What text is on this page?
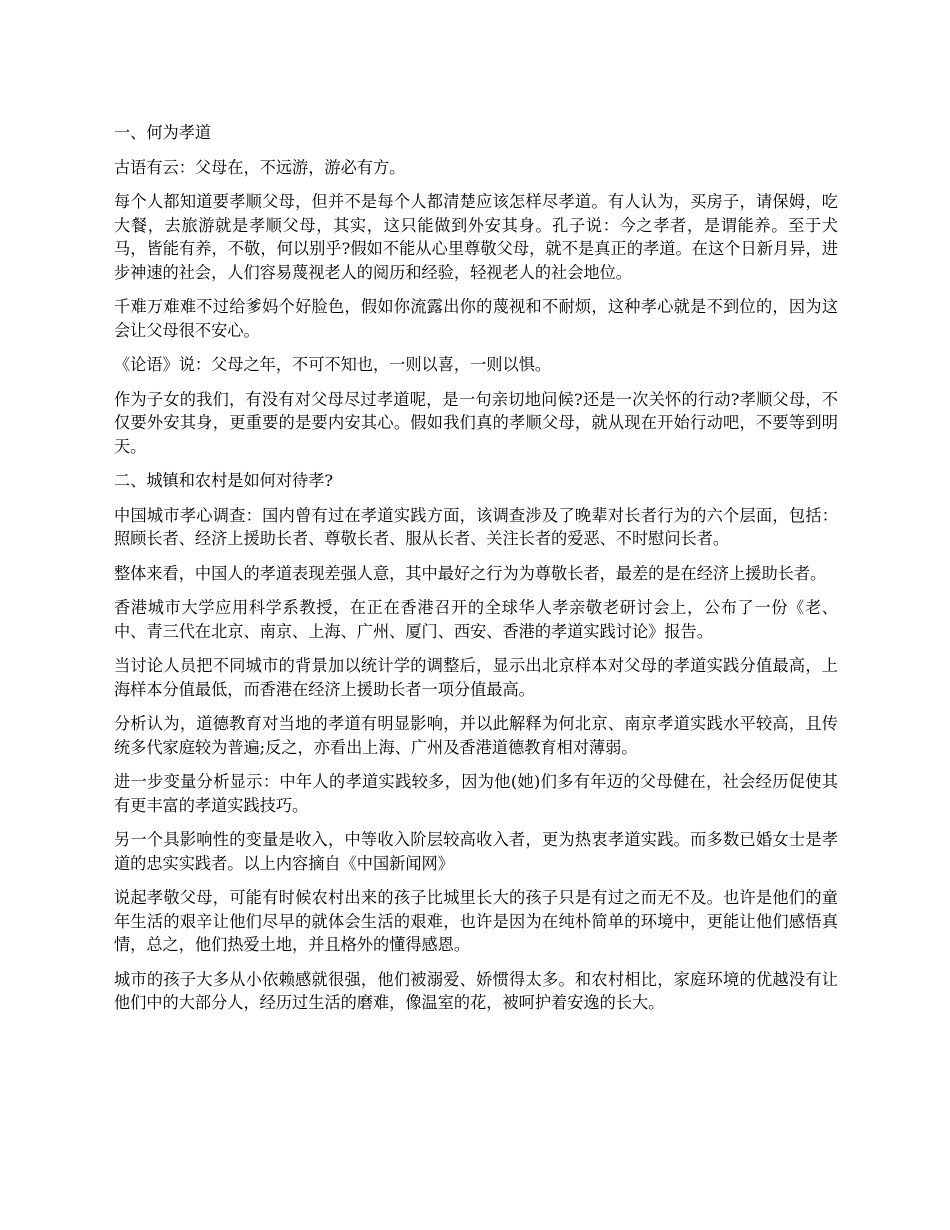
一、何为孝道

古语有云：父母在，不远游，游必有方。

每个人都知道要孝顺父母，但并不是每个人都清楚应该怎样尽孝道。有人认为，买房子，请保姆，吃大餐，去旅游就是孝顺父母，其实，这只能做到外安其身。孔子说：今之孝者，是谓能养。至于犬马，皆能有养，不敬，何以别乎?假如不能从心里尊敬父母，就不是真正的孝道。在这个日新月异，进步神速的社会，人们容易蔑视老人的阅历和经验，轻视老人的社会地位。

千难万难难不过给爹妈个好脸色，假如你流露出你的蔑视和不耐烦，这种孝心就是不到位的，因为这会让父母很不安心。

《论语》说：父母之年，不可不知也，一则以喜，一则以惧。

作为子女的我们，有没有对父母尽过孝道呢，是一句亲切地问候?还是一次关怀的行动?孝顺父母，不仅要外安其身，更重要的是要内安其心。假如我们真的孝顺父母，就从现在开始行动吧，不要等到明天。

二、城镇和农村是如何对待孝?

中国城市孝心调查：国内曾有过在孝道实践方面，该调查涉及了晚辈对长者行为的六个层面，包括：照顾长者、经济上援助长者、尊敬长者、服从长者、关注长者的爱恶、不时慰问长者。

整体来看，中国人的孝道表现差强人意，其中最好之行为为尊敬长者，最差的是在经济上援助长者。

香港城市大学应用科学系教授，在正在香港召开的全球华人孝亲敬老研讨会上，公布了一份《老、中、青三代在北京、南京、上海、广州、厦门、西安、香港的孝道实践讨论》报告。

当讨论人员把不同城市的背景加以统计学的调整后，显示出北京样本对父母的孝道实践分值最高，上海样本分值最低，而香港在经济上援助长者一项分值最高。

分析认为，道德教育对当地的孝道有明显影响，并以此解释为何北京、南京孝道实践水平较高，且传统多代家庭较为普遍;反之，亦看出上海、广州及香港道德教育相对薄弱。

进一步变量分析显示：中年人的孝道实践较多，因为他(她)们多有年迈的父母健在，社会经历促使其有更丰富的孝道实践技巧。

另一个具影响性的变量是收入，中等收入阶层较高收入者，更为热衷孝道实践。而多数已婚女士是孝道的忠实实践者。以上内容摘自《中国新闻网》

说起孝敬父母，可能有时候农村出来的孩子比城里长大的孩子只是有过之而无不及。也许是他们的童年生活的艰辛让他们尽早的就体会生活的艰难，也许是因为在纯朴简单的环境中，更能让他们感悟真情，总之，他们热爱土地，并且格外的懂得感恩。

城市的孩子大多从小依赖感就很强，他们被溺爱、娇惯得太多。和农村相比，家庭环境的优越没有让他们中的大部分人，经历过生活的磨难，像温室的花，被呵护着安逸的长大。
